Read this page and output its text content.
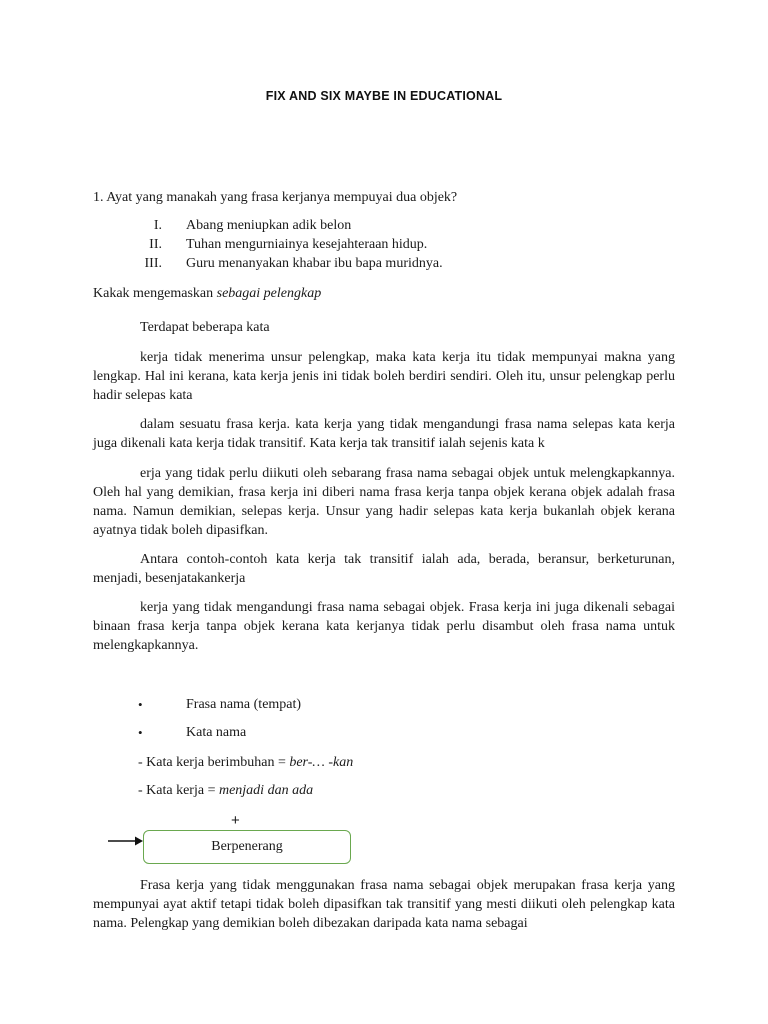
FIX AND SIX MAYBE IN EDUCATIONAL
1. Ayat yang manakah yang frasa kerjanya mempuyai dua objek?
I. Abang meniupkan adik belon
II. Tuhan mengurniainya kesejahteraan hidup.
III. Guru menanyakan khabar ibu bapa muridnya.
Kakak mengemaskan sebagai pelengkap
Terdapat beberapa kata
kerja tidak menerima unsur pelengkap, maka kata kerja itu tidak mempunyai makna yang lengkap. Hal ini kerana, kata kerja jenis ini tidak boleh berdiri sendiri. Oleh itu, unsur pelengkap perlu hadir selepas kata
dalam sesuatu frasa kerja. kata kerja yang tidak mengandungi frasa nama selepas kata kerja juga dikenali kata kerja tidak transitif. Kata kerja tak transitif ialah sejenis kata k
erja yang tidak perlu diikuti oleh sebarang frasa nama sebagai objek untuk melengkapkannya. Oleh hal yang demikian, frasa kerja ini diberi nama frasa kerja tanpa objek kerana objek adalah frasa nama. Namun demikian, selepas kerja. Unsur yang hadir selepas kata kerja bukanlah objek kerana ayatnya tidak boleh dipasifkan.
Antara contoh-contoh kata kerja tak transitif ialah ada, berada, beransur, berketurunan, menjadi, besenjatakankerja
kerja yang tidak mengandungi frasa nama sebagai objek. Frasa kerja ini juga dikenali sebagai binaan frasa kerja tanpa objek kerana kata kerjanya tidak perlu disambut oleh frasa nama untuk melengkapkannya.
•	Frasa nama (tempat)
•	Kata nama
- Kata kerja berimbuhan = ber-… -kan
- Kata kerja = menjadi dan ada
+
Berpenerang
Frasa kerja yang tidak menggunakan frasa nama sebagai objek merupakan frasa kerja yang mempunyai ayat aktif tetapi tidak boleh dipasifkan tak transitif yang mesti diikuti oleh pelengkap kata nama. Pelengkap yang demikian boleh dibezakan daripada kata nama sebagai
